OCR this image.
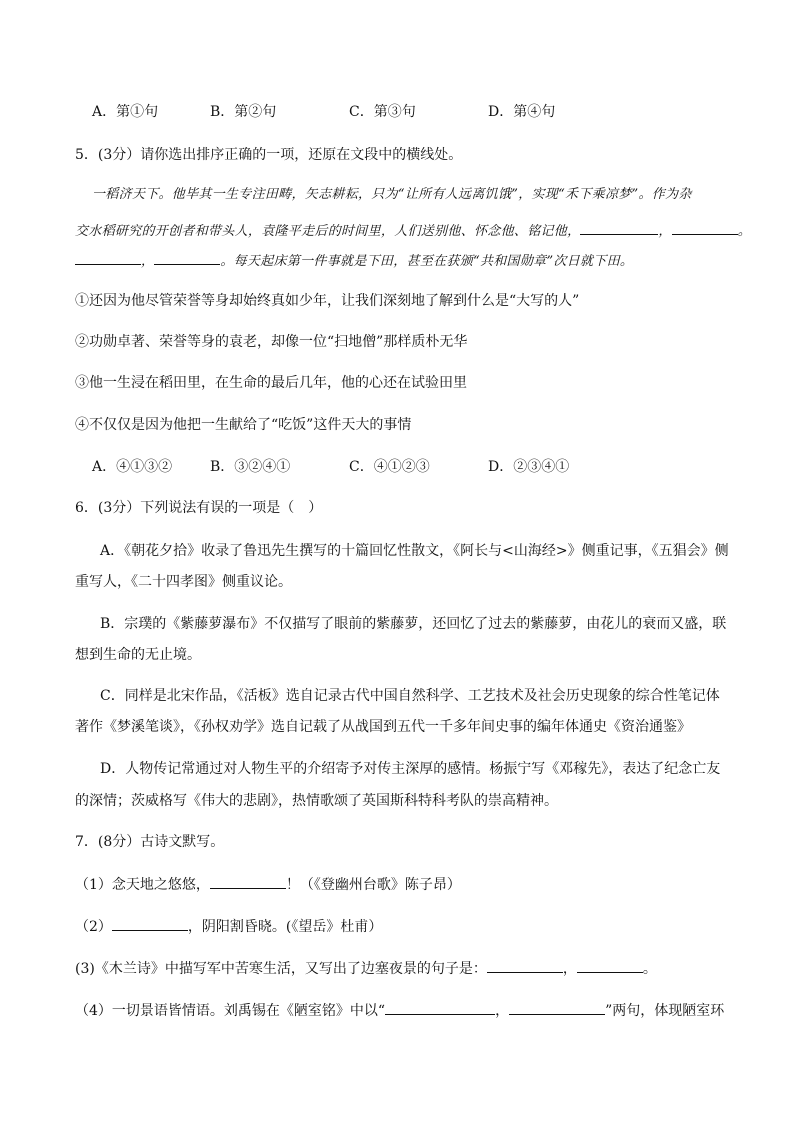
A．第①句	B．第②句	C．第③句	D．第④句
5．(3分）请你选出排序正确的一项，还原在文段中的横线处。
一稻济天下。他毕其一生专注田畴，矢志耕耘，只为“让所有人远离饥饿”，实现“禾下乘凉梦”。作为杂
交水稻研究的开创者和带头人，袁隆平走后的时间里，人们送别他、怀念他、铭记他，	，	。
，	。每天起床第一件事就是下田，甚至在获颁“共和国勋章”次日就下田。
①还因为他尽管荣誉等身却始终真如少年，让我们深刻地了解到什么是“大写的人”
②功勋卓著、荣誉等身的袁老，却像一位“扫地僧”那样质朴无华
③他一生浸在稻田里，在生命的最后几年，他的心还在试验田里
④不仅仅是因为他把一生献给了“吃饭”这件天大的事情
A．④①③②	B．③②④①	C．④①②③	D．②③④①
6．(3分）下列说法有误的一项是（　）
A．《朝花夕拾》收录了鲁迅先生撰写的十篇回忆性散文，《阿长与<山海经>》侧重记事，《五猖会》侧
重写人，《二十四孝图》侧重议论。
B．宗璞的《紫藤萝瀑布》不仅描写了眼前的紫藤萝，还回忆了过去的紫藤萝，由花儿的衰而又盛，联
想到生命的无止境。
C．同样是北宋作品，《活板》选自记录古代中国自然科学、工艺技术及社会历史现象的综合性笔记体
著作《梦溪笔谈》，《孙权劝学》选自记载了从战国到五代一千多年间史事的编年体通史《资治通鉴》
D．人物传记常通过对人物生平的介绍寄予对传主深厚的感情。杨振宁写《邓稼先》，表达了纪念亡友
的深情；茨威格写《伟大的悲剧》，热情歌颂了英国斯科特科考队的崇高精神。
7．(8分）古诗文默写。
（1）念天地之悠悠，	！（《登幽州台歌》陈子昂）
（2）	，阴阳割昏晓。(《望岳》杜甫）
(3)《木兰诗》中描写军中苦寒生活，又写出了边塞夜景的句子是：	，	。
（4）一切景语皆情语。刘禹锡在《陋室铭》中以“	，	”两句，体现陋室环
